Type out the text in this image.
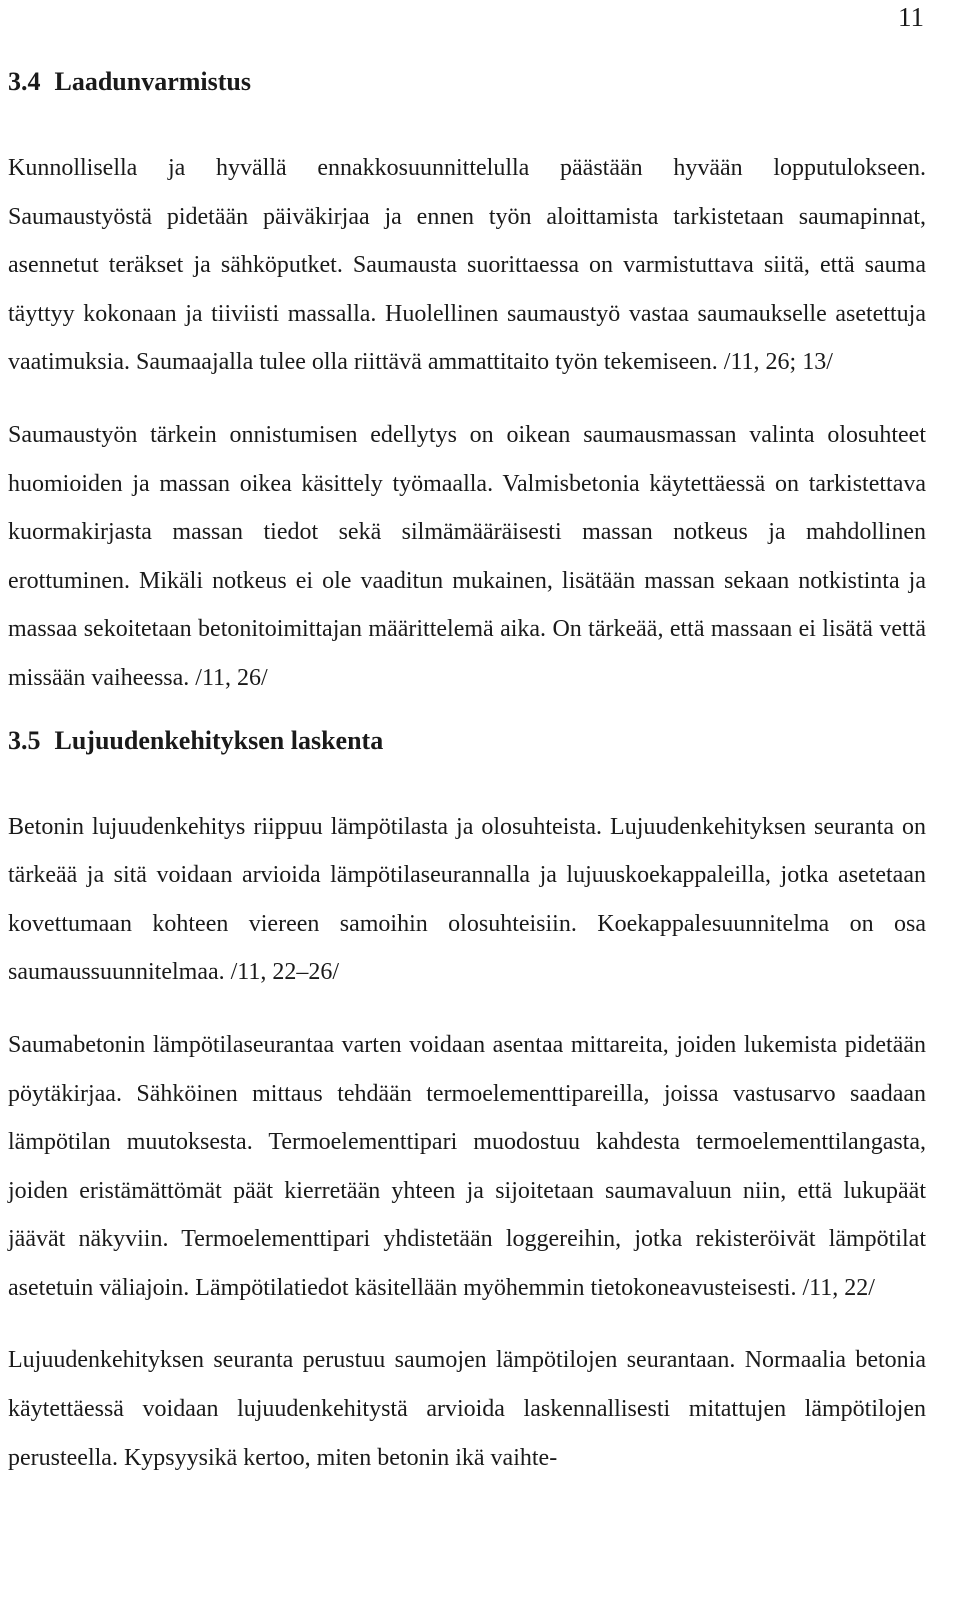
11
3.4 Laadunvarmistus

Kunnollisella ja hyvällä ennakkosuunnittelulla päästään hyvään lopputulokseen. Saumaustyöstä pidetään päiväkirjaa ja ennen työn aloittamista tarkistetaan saumapinnat, asennetut teräkset ja sähköputket. Saumausta suorittaessa on varmistuttava siitä, että sauma täyttyy kokonaan ja tiiviisti massalla. Huolellinen saumaustyö vastaa saumaukselle asetettuja vaatimuksia. Saumaajalla tulee olla riittävä ammattitaito työn tekemiseen. /11, 26; 13/

Saumaustyön tärkein onnistumisen edellytys on oikean saumausmassan valinta olosuhteet huomioiden ja massan oikea käsittely työmaalla. Valmisbetonia käytettäessä on tarkistettava kuormakirjasta massan tiedot sekä silmämääräisesti massan notkeus ja mahdollinen erottuminen. Mikäli notkeus ei ole vaaditun mukainen, lisätään massan sekaan notkistinta ja massaa sekoitetaan betonitoimittajan määrittelemä aika. On tärkeää, että massaan ei lisätä vettä missään vaiheessa. /11, 26/

3.5 Lujuudenkehityksen laskenta

Betonin lujuudenkehitys riippuu lämpötilasta ja olosuhteista. Lujuudenkehityksen seuranta on tärkeää ja sitä voidaan arvioida lämpötilaseurannalla ja lujuuskoekappaleilla, jotka asetetaan kovettumaan kohteen viereen samoihin olosuhteisiin. Koekappalesuunnitelma on osa saumaussuunnitelmaa. /11, 22–26/

Saumabetonin lämpötilaseurantaa varten voidaan asentaa mittareita, joiden lukemista pidetään pöytäkirjaa. Sähköinen mittaus tehdään termoelementtipareilla, joissa vastusarvo saadaan lämpötilan muutoksesta. Termoelementtipari muodostuu kahdesta termoelementtilangasta, joiden eristämättömät päät kierretään yhteen ja sijoitetaan saumavaluun niin, että lukupäät jäävät näkyviin. Termoelementtipari yhdistetään loggereihin, jotka rekisteröivät lämpötilat asetetuin väliajoin. Lämpötilatiedot käsitellään myöhemmin tietokoneavusteisesti. /11, 22/

Lujuudenkehityksen seuranta perustuu saumojen lämpötilojen seurantaan. Normaalia betonia käytettäessä voidaan lujuudenkehitystä arvioida laskennallisesti mitattujen lämpötilojen perusteella. Kypsyysikä kertoo, miten betonin ikä vaihte-
